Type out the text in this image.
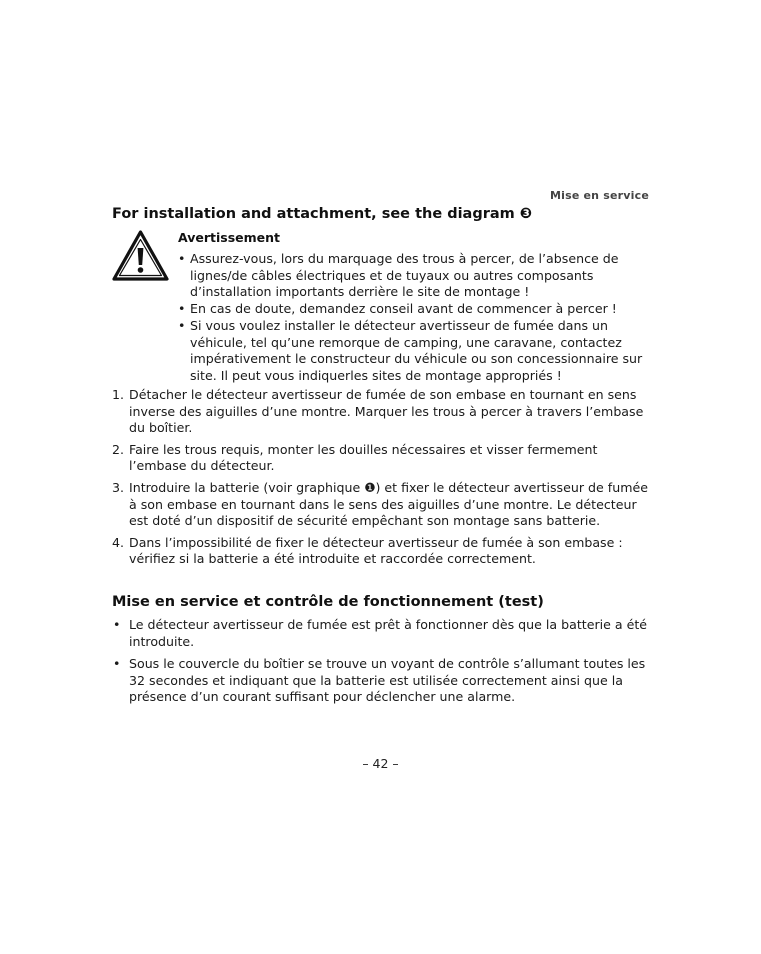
Mise en service
For installation and attachment, see the diagram ❸
Avertissement
• Assurez-vous, lors du marquage des trous à percer, de l’absence de lignes/de câbles électriques et de tuyaux ou autres composants d’installation importants derrière le site de montage !
• En cas de doute, demandez conseil avant de commencer à percer !
• Si vous voulez installer le détecteur avertisseur de fumée dans un véhicule, tel qu’une remorque de camping, une caravane, contactez impérativement le constructeur du véhicule ou son concessionnaire sur site. Il peut vous indiquerles sites de montage appropriés !
1. Détacher le détecteur avertisseur de fumée de son embase en tournant en sens inverse des aiguilles d’une montre. Marquer les trous à percer à travers l’embase du boîtier.
2. Faire les trous requis, monter les douilles nécessaires et visser fermement l’embase du détecteur.
3. Introduire la batterie (voir graphique ❶) et fixer le détecteur avertisseur de fumée à son embase en tournant dans le sens des aiguilles d’une montre. Le détecteur est doté d’un dispositif de sécurité empêchant son montage sans batterie.
4. Dans l’impossibilité de fixer le détecteur avertisseur de fumée à son embase : vérifiez si la batterie a été introduite et raccordée correctement.
Mise en service et contrôle de fonctionnement (test)
• Le détecteur avertisseur de fumée est prêt à fonctionner dès que la batterie a été introduite.
• Sous le couvercle du boîtier se trouve un voyant de contrôle s’allumant toutes les 32 secondes et indiquant que la batterie est utilisée correctement ainsi que la présence d’un courant suffisant pour déclencher une alarme.
– 42 –
